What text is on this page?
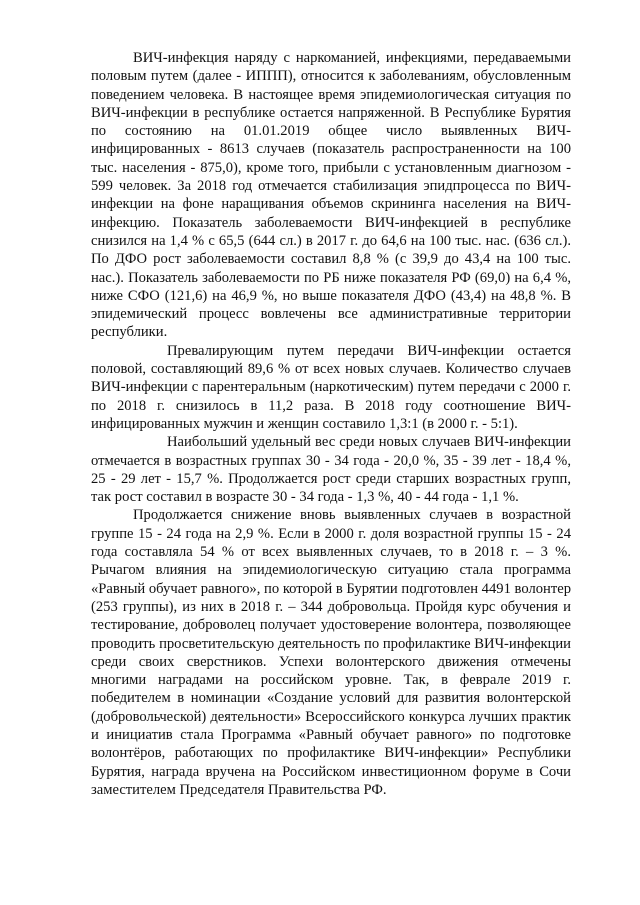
ВИЧ-инфекция наряду с наркоманией, инфекциями, передаваемыми половым путем (далее - ИППП), относится к заболеваниям, обусловленным поведением человека. В настоящее время эпидемиологическая ситуация по ВИЧ-инфекции в республике остается напряженной. В Республике Бурятия по состоянию на 01.01.2019 общее число выявленных ВИЧ-инфицированных - 8613 случаев (показатель распространенности на 100 тыс. населения - 875,0), кроме того, прибыли с установленным диагнозом - 599 человек. За 2018 год отмечается стабилизация эпидпроцесса по ВИЧ-инфекции на фоне наращивания объемов скрининга населения на ВИЧ-инфекцию. Показатель заболеваемости ВИЧ-инфекцией в республике снизился на 1,4 % с 65,5 (644 сл.) в 2017 г. до 64,6 на 100 тыс. нас. (636 сл.). По ДФО рост заболеваемости составил 8,8 % (с 39,9 до 43,4 на 100 тыс. нас.). Показатель заболеваемости по РБ ниже показателя РФ (69,0) на 6,4 %, ниже СФО (121,6) на 46,9 %, но выше показателя ДФО (43,4) на 48,8 %. В эпидемический процесс вовлечены все административные территории республики.

Превалирующим путем передачи ВИЧ-инфекции остается половой, составляющий 89,6 % от всех новых случаев. Количество случаев ВИЧ-инфекции с парентеральным (наркотическим) путем передачи с 2000 г. по 2018 г. снизилось в 11,2 раза. В 2018 году соотношение ВИЧ-инфицированных мужчин и женщин составило 1,3:1 (в 2000 г. - 5:1).

Наибольший удельный вес среди новых случаев ВИЧ-инфекции отмечается в возрастных группах 30 - 34 года - 20,0 %, 35 - 39 лет - 18,4 %, 25 - 29 лет - 15,7 %. Продолжается рост среди старших возрастных групп, так рост составил в возрасте 30 - 34 года - 1,3 %, 40 - 44 года - 1,1 %.

Продолжается снижение вновь выявленных случаев в возрастной группе 15 - 24 года на 2,9 %. Если в 2000 г. доля возрастной группы 15 - 24 года составляла 54 % от всех выявленных случаев, то в 2018 г. – 3 %. Рычагом влияния на эпидемиологическую ситуацию стала программа «Равный обучает равного», по которой в Бурятии подготовлен 4491 волонтер (253 группы), из них в 2018 г. – 344 добровольца. Пройдя курс обучения и тестирование, доброволец получает удостоверение волонтера, позволяющее проводить просветительскую деятельность по профилактике ВИЧ-инфекции среди своих сверстников. Успехи волонтерского движения отмечены многими наградами на российском уровне. Так, в феврале 2019 г. победителем в номинации «Создание условий для развития волонтерской (добровольческой) деятельности» Всероссийского конкурса лучших практик и инициатив стала Программа «Равный обучает равного» по подготовке волонтёров, работающих по профилактике ВИЧ-инфекции» Республики Бурятия, награда вручена на Российском инвестиционном форуме в Сочи заместителем Председателя Правительства РФ.
